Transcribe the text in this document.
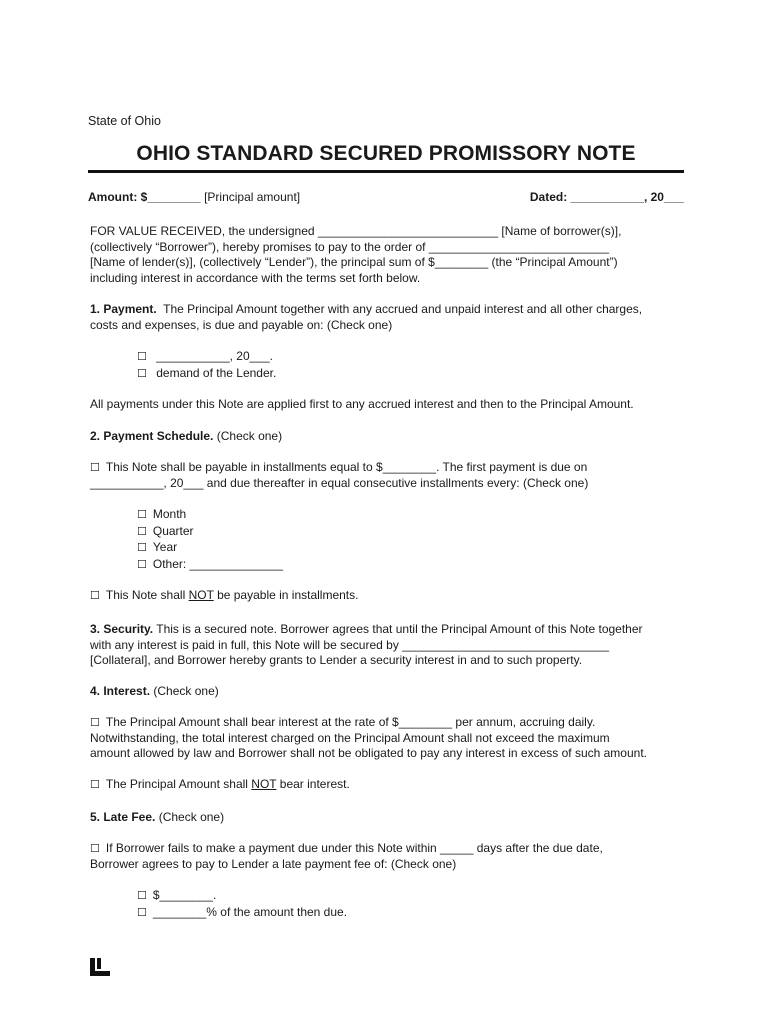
State of Ohio
OHIO STANDARD SECURED PROMISSORY NOTE
Amount: $________ [Principal amount]	Dated: ___________, 20___
FOR VALUE RECEIVED, the undersigned ___________________________ [Name of borrower(s)],
(collectively “Borrower”), hereby promises to pay to the order of ___________________________
[Name of lender(s)], (collectively “Lender”), the principal sum of $________ (the “Principal Amount”)
including interest in accordance with the terms set forth below.
1. Payment. The Principal Amount together with any accrued and unpaid interest and all other charges,
costs and expenses, is due and payable on: (Check one)
☐ ___________, 20___.
☐ demand of the Lender.
All payments under this Note are applied first to any accrued interest and then to the Principal Amount.
2. Payment Schedule. (Check one)
☐ This Note shall be payable in installments equal to $________. The first payment is due on
___________, 20___ and due thereafter in equal consecutive installments every: (Check one)
☐ Month
☐ Quarter
☐ Year
☐ Other: ______________
☐ This Note shall NOT be payable in installments.
3. Security. This is a secured note. Borrower agrees that until the Principal Amount of this Note together
with any interest is paid in full, this Note will be secured by _______________________________
[Collateral], and Borrower hereby grants to Lender a security interest in and to such property.
4. Interest. (Check one)
☐ The Principal Amount shall bear interest at the rate of $________ per annum, accruing daily.
Notwithstanding, the total interest charged on the Principal Amount shall not exceed the maximum
amount allowed by law and Borrower shall not be obligated to pay any interest in excess of such amount.
☐ The Principal Amount shall NOT bear interest.
5. Late Fee. (Check one)
☐ If Borrower fails to make a payment due under this Note within _____ days after the due date,
Borrower agrees to pay to Lender a late payment fee of: (Check one)
☐ $________.
☐ ________% of the amount then due.
